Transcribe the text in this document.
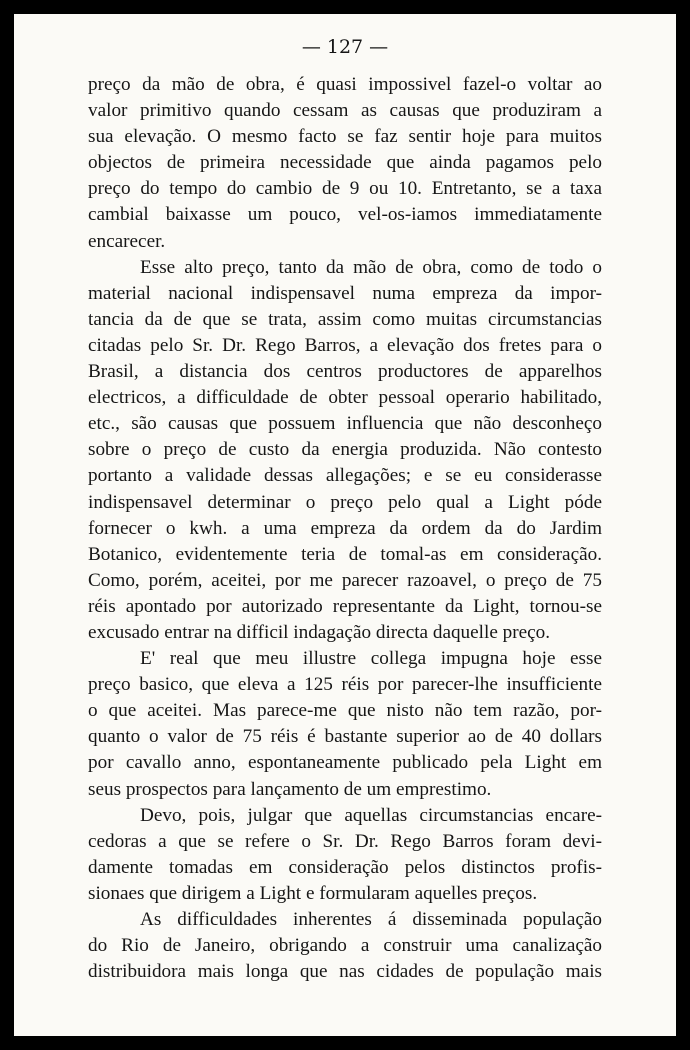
— 127 —
preço da mão de obra, é quasi impossivel fazel-o voltar ao
valor primitivo quando cessam as causas que produziram a
sua elevação. O mesmo facto se faz sentir hoje para muitos
objectos de primeira necessidade que ainda pagamos pelo
preço do tempo do cambio de 9 ou 10. Entretanto, se a taxa
cambial baixasse um pouco, vel-os-iamos immediatamente
encarecer.
Esse alto preço, tanto da mão de obra, como de todo o
material nacional indispensavel numa empreza da impor-
tancia da de que se trata, assim como muitas circumstancias
citadas pelo Sr. Dr. Rego Barros, a elevação dos fretes para o
Brasil, a distancia dos centros productores de apparelhos
electricos, a difficuldade de obter pessoal operario habilitado,
etc., são causas que possuem influencia que não desconheço
sobre o preço de custo da energia produzida. Não contesto
portanto a validade dessas allegações; e se eu considerasse
indispensavel determinar o preço pelo qual a Light póde
fornecer o kwh. a uma empreza da ordem da do Jardim
Botanico, evidentemente teria de tomal-as em consideração.
Como, porém, aceitei, por me parecer razoavel, o preço de 75
réis apontado por autorizado representante da Light, tornou-se
excusado entrar na difficil indagação directa daquelle preço.
E' real que meu illustre collega impugna hoje esse
preço basico, que eleva a 125 réis por parecer-lhe insufficiente
o que aceitei. Mas parece-me que nisto não tem razão, por-
quanto o valor de 75 réis é bastante superior ao de 40 dollars
por cavallo anno, espontaneamente publicado pela Light em
seus prospectos para lançamento de um emprestimo.
Devo, pois, julgar que aquellas circumstancias encare-
cedoras a que se refere o Sr. Dr. Rego Barros foram devi-
damente tomadas em consideração pelos distinctos profis-
sionaes que dirigem a Light e formularam aquelles preços.
As difficuldades inherentes á disseminada população
do Rio de Janeiro, obrigando a construir uma canalização
distribuidora mais longa que nas cidades de população mais
